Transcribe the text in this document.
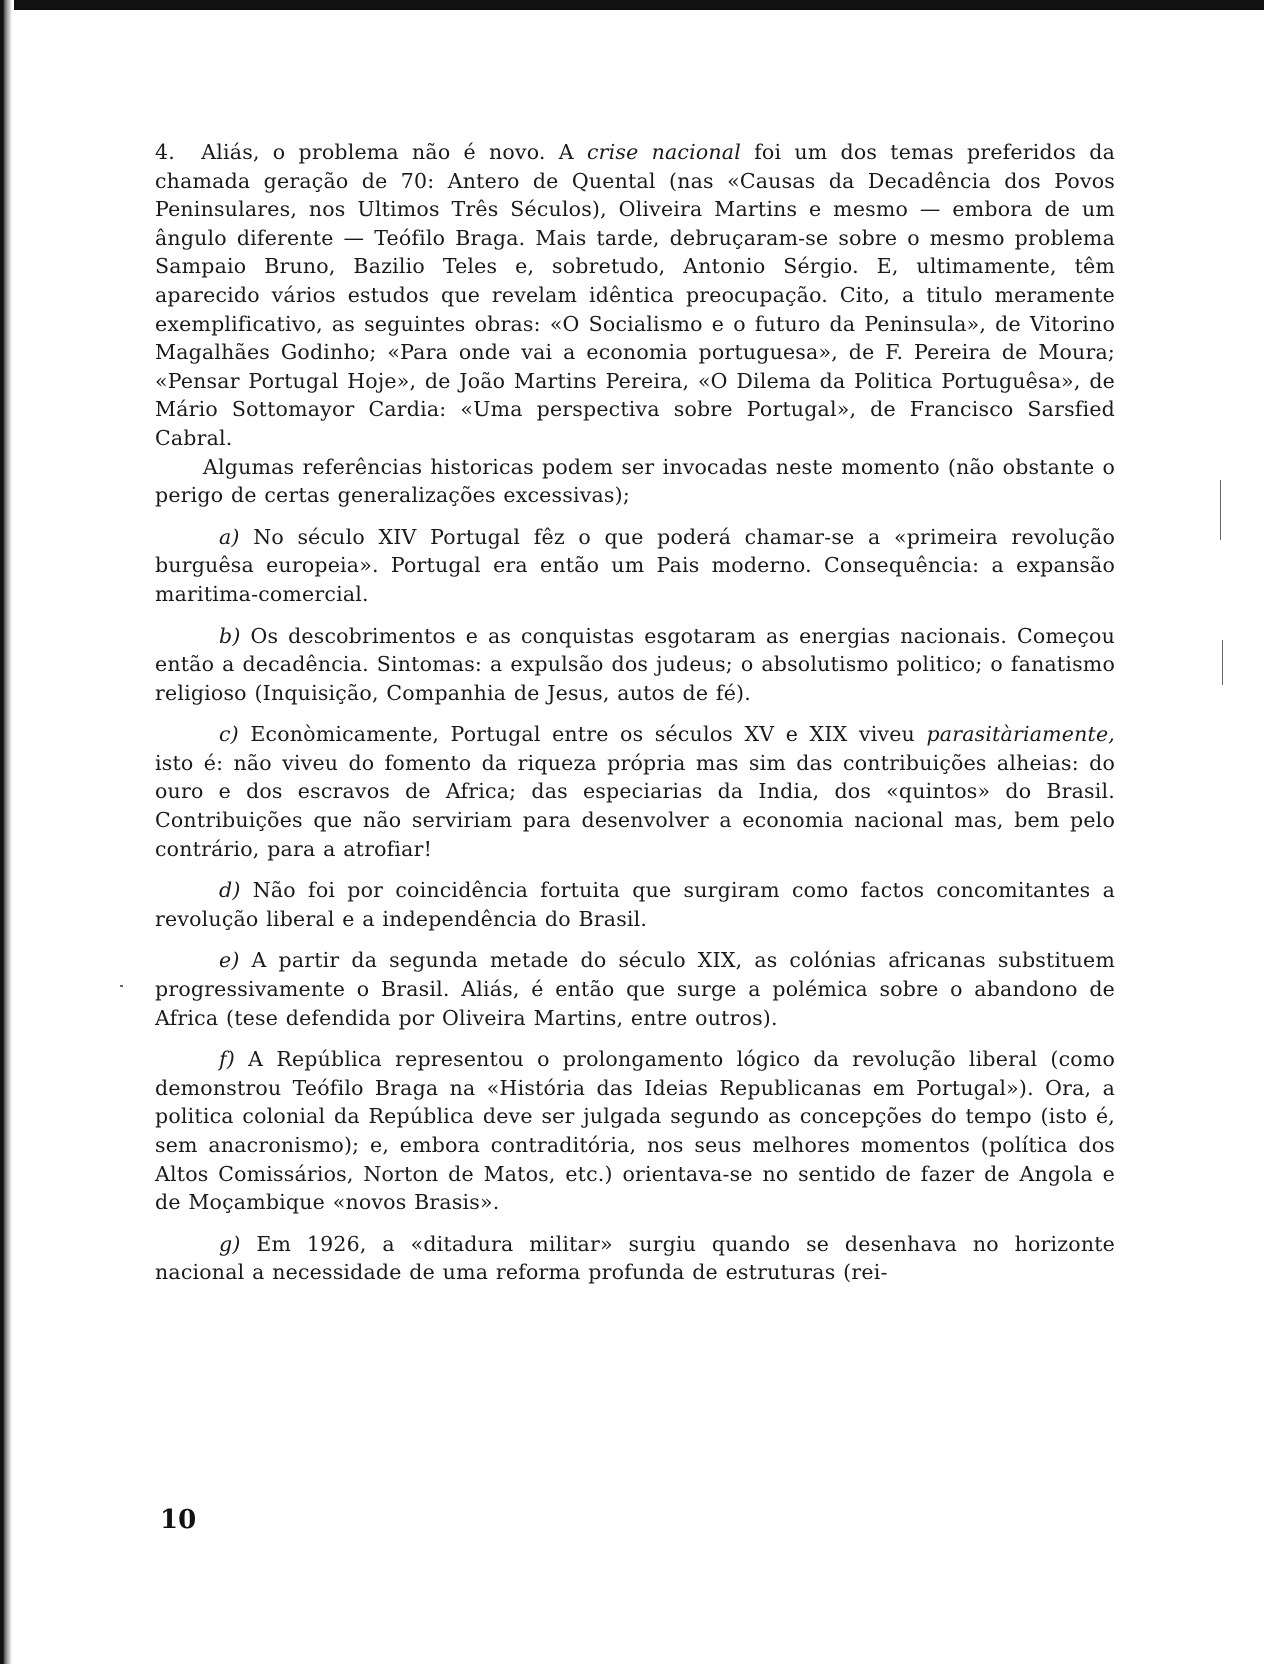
4. Aliás, o problema não é novo. A crise nacional foi um dos temas preferidos da chamada geração de 70: Antero de Quental (nas «Causas da Decadência dos Povos Peninsulares, nos Ultimos Três Séculos), Oliveira Martins e mesmo — embora de um ângulo diferente — Teófilo Braga. Mais tarde, debruçaram-se sobre o mesmo problema Sampaio Bruno, Bazilio Teles e, sobretudo, Antonio Sérgio. E, ultimamente, têm aparecido vários estudos que revelam idêntica preocupação. Cito, a titulo meramente exemplificativo, as seguintes obras: «O Socialismo e o futuro da Peninsula», de Vitorino Magalhães Godinho; «Para onde vai a economia portuguesa», de F. Pereira de Moura; «Pensar Portugal Hoje», de João Martins Pereira, «O Dilema da Politica Portuguêsa», de Mário Sottomayor Cardia: «Uma perspectiva sobre Portugal», de Francisco Sarsfied Cabral.

Algumas referências historicas podem ser invocadas neste momento (não obstante o perigo de certas generalizações excessivas);

a) No século XIV Portugal fêz o que poderá chamar-se a «primeira revolução burguêsa europeia». Portugal era então um Pais moderno. Consequência: a expansão maritima-comercial.

b) Os descobrimentos e as conquistas esgotaram as energias nacionais. Começou então a decadência. Sintomas: a expulsão dos judeus; o absolutismo politico; o fanatismo religioso (Inquisição, Companhia de Jesus, autos de fé).

c) Econòmicamente, Portugal entre os séculos XV e XIX viveu parasitàriamente, isto é: não viveu do fomento da riqueza própria mas sim das contribuições alheias: do ouro e dos escravos de Africa; das especiarias da India, dos «quintos» do Brasil. Contribuições que não serviriam para desenvolver a economia nacional mas, bem pelo contrário, para a atrofiar!

d) Não foi por coincidência fortuita que surgiram como factos concomitantes a revolução liberal e a independência do Brasil.

e) A partir da segunda metade do século XIX, as colónias africanas substituem progressivamente o Brasil. Aliás, é então que surge a polémica sobre o abandono de Africa (tese defendida por Oliveira Martins, entre outros).

f) A República representou o prolongamento lógico da revolução liberal (como demonstrou Teófilo Braga na «História das Ideias Republicanas em Portugal»). Ora, a politica colonial da República deve ser julgada segundo as concepções do tempo (isto é, sem anacronismo); e, embora contraditória, nos seus melhores momentos (política dos Altos Comissários, Norton de Matos, etc.) orientava-se no sentido de fazer de Angola e de Moçambique «novos Brasis».

g) Em 1926, a «ditadura militar» surgiu quando se desenhava no horizonte nacional a necessidade de uma reforma profunda de estruturas (rei-

10
